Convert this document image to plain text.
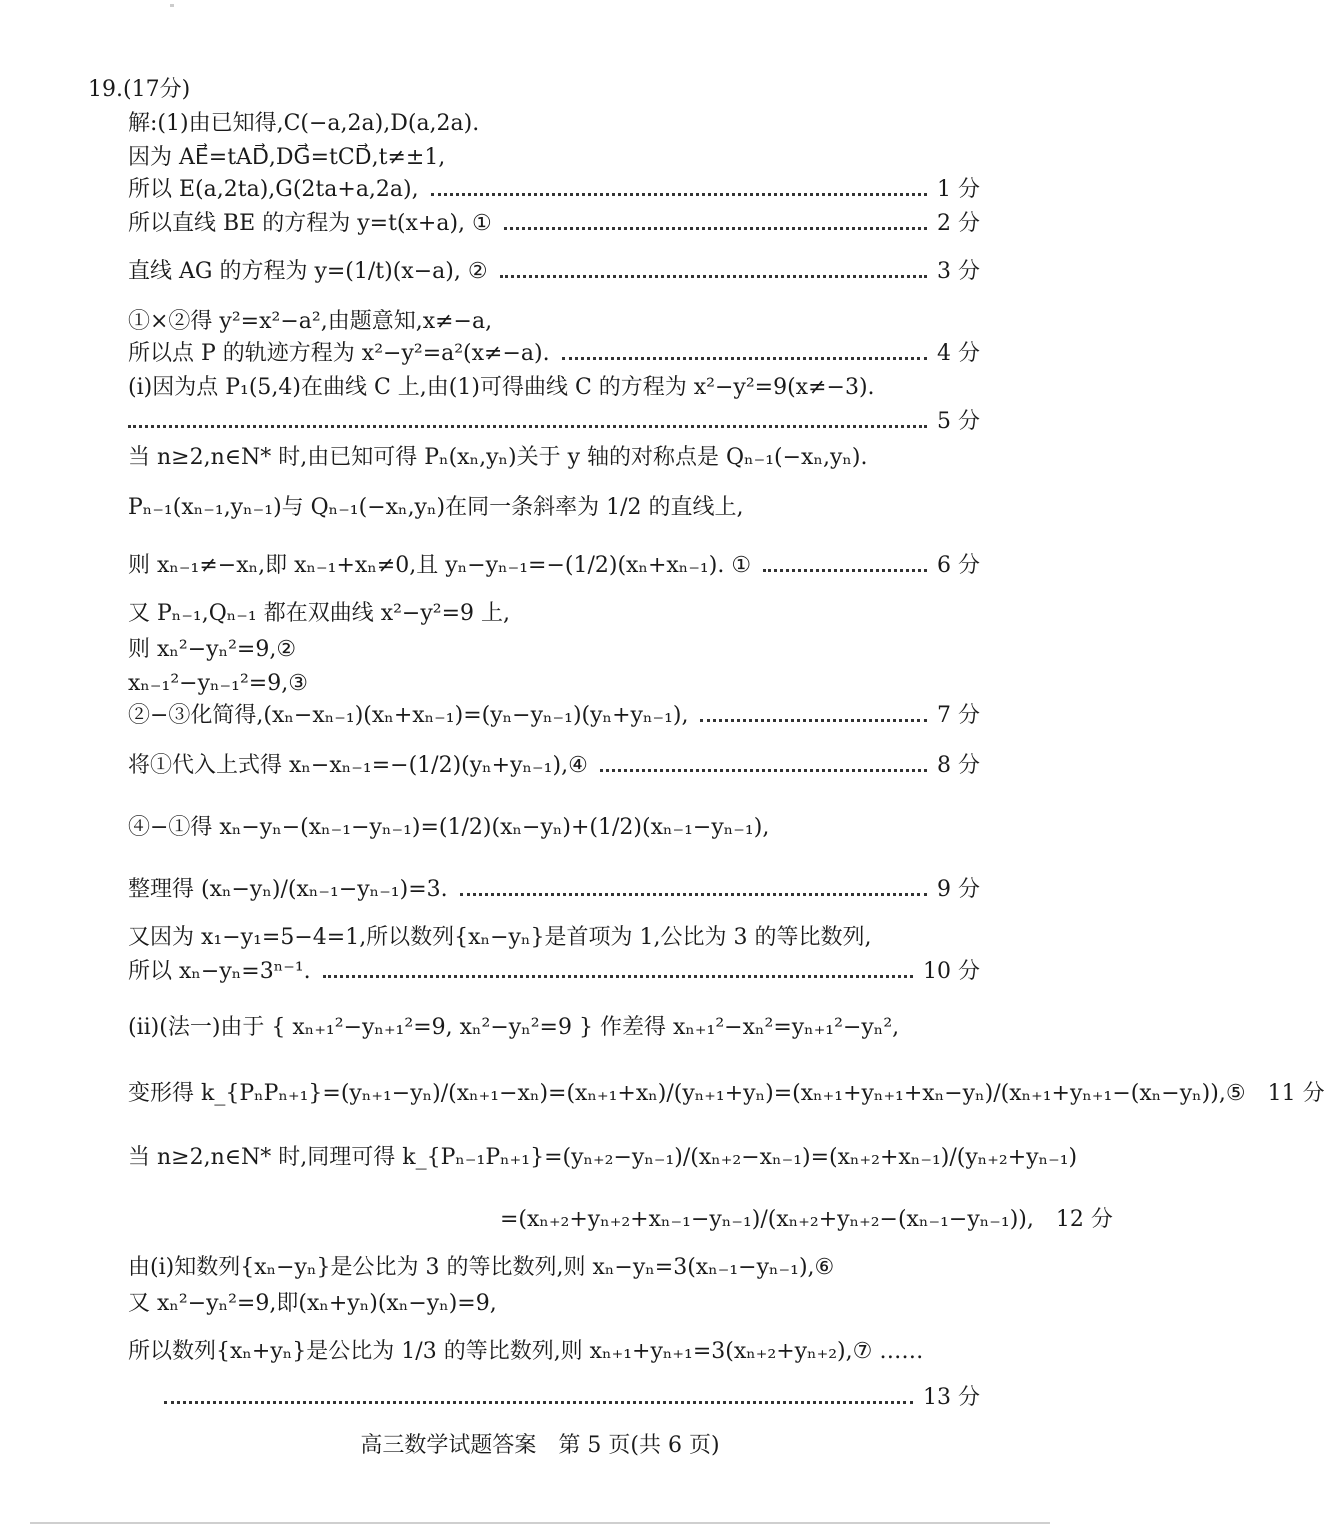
19.(17分)
解:(1)由已知得,C(−a,2a),D(a,2a).
因为 AE⃗=tAD⃗,DG⃗=tCD⃗,t≠±1,
所以 E(a,2ta),G(2ta+a,2a),	1 分
所以直线 BE 的方程为 y=t(x+a), ①	2 分
直线 AG 的方程为 y=(1/t)(x−a), ②	3 分
①×②得 y²=x²−a²,由题意知,x≠−a,
所以点 P 的轨迹方程为 x²−y²=a²(x≠−a).	4 分
(ⅰ)因为点 P₁(5,4)在曲线 C 上,由(1)可得曲线 C 的方程为 x²−y²=9(x≠−3).
5 分
当 n≥2,n∈N* 时,由已知可得 Pₙ(xₙ,yₙ)关于 y 轴的对称点是 Qₙ₋₁(−xₙ,yₙ).
Pₙ₋₁(xₙ₋₁,yₙ₋₁)与 Qₙ₋₁(−xₙ,yₙ)在同一条斜率为 1/2 的直线上,
则 xₙ₋₁≠−xₙ,即 xₙ₋₁+xₙ≠0,且 yₙ−yₙ₋₁=−(1/2)(xₙ+xₙ₋₁). ①	6 分
又 Pₙ₋₁,Qₙ₋₁ 都在双曲线 x²−y²=9 上,
则 xₙ²−yₙ²=9,②
xₙ₋₁²−yₙ₋₁²=9,③
②−③化简得,(xₙ−xₙ₋₁)(xₙ+xₙ₋₁)=(yₙ−yₙ₋₁)(yₙ+yₙ₋₁),	7 分
将①代入上式得 xₙ−xₙ₋₁=−(1/2)(yₙ+yₙ₋₁),④	8 分
④−①得 xₙ−yₙ−(xₙ₋₁−yₙ₋₁)=(1/2)(xₙ−yₙ)+(1/2)(xₙ₋₁−yₙ₋₁),
整理得 (xₙ−yₙ)/(xₙ₋₁−yₙ₋₁)=3.	9 分
又因为 x₁−y₁=5−4=1,所以数列{xₙ−yₙ}是首项为 1,公比为 3 的等比数列,
所以 xₙ−yₙ=3ⁿ⁻¹.	10 分
(ⅱ)(法一)由于 { xₙ₊₁²−yₙ₊₁²=9, xₙ²−yₙ²=9 } 作差得 xₙ₊₁²−xₙ²=yₙ₊₁²−yₙ²,
变形得 k_{PₙPₙ₊₁}=(yₙ₊₁−yₙ)/(xₙ₊₁−xₙ)=(xₙ₊₁+xₙ)/(yₙ₊₁+yₙ)=(xₙ₊₁+yₙ₊₁+xₙ−yₙ)/(xₙ₊₁+yₙ₊₁−(xₙ−yₙ)),⑤ 11 分
当 n≥2,n∈N* 时,同理可得 k_{Pₙ₋₁Pₙ₊₁}=(yₙ₊₂−yₙ₋₁)/(xₙ₊₂−xₙ₋₁)=(xₙ₊₂+xₙ₋₁)/(yₙ₊₂+yₙ₋₁)
=(xₙ₊₂+yₙ₊₂+xₙ₋₁−yₙ₋₁)/(xₙ₊₂+yₙ₊₂−(xₙ₋₁−yₙ₋₁)), 12 分
由(ⅰ)知数列{xₙ−yₙ}是公比为 3 的等比数列,则 xₙ−yₙ=3(xₙ₋₁−yₙ₋₁),⑥
又 xₙ²−yₙ²=9,即(xₙ+yₙ)(xₙ−yₙ)=9,
所以数列{xₙ+yₙ}是公比为 1/3 的等比数列,则 xₙ₊₁+yₙ₊₁=3(xₙ₊₂+yₙ₊₂),⑦ ……
13 分
高三数学试题答案　第 5 页(共 6 页)
